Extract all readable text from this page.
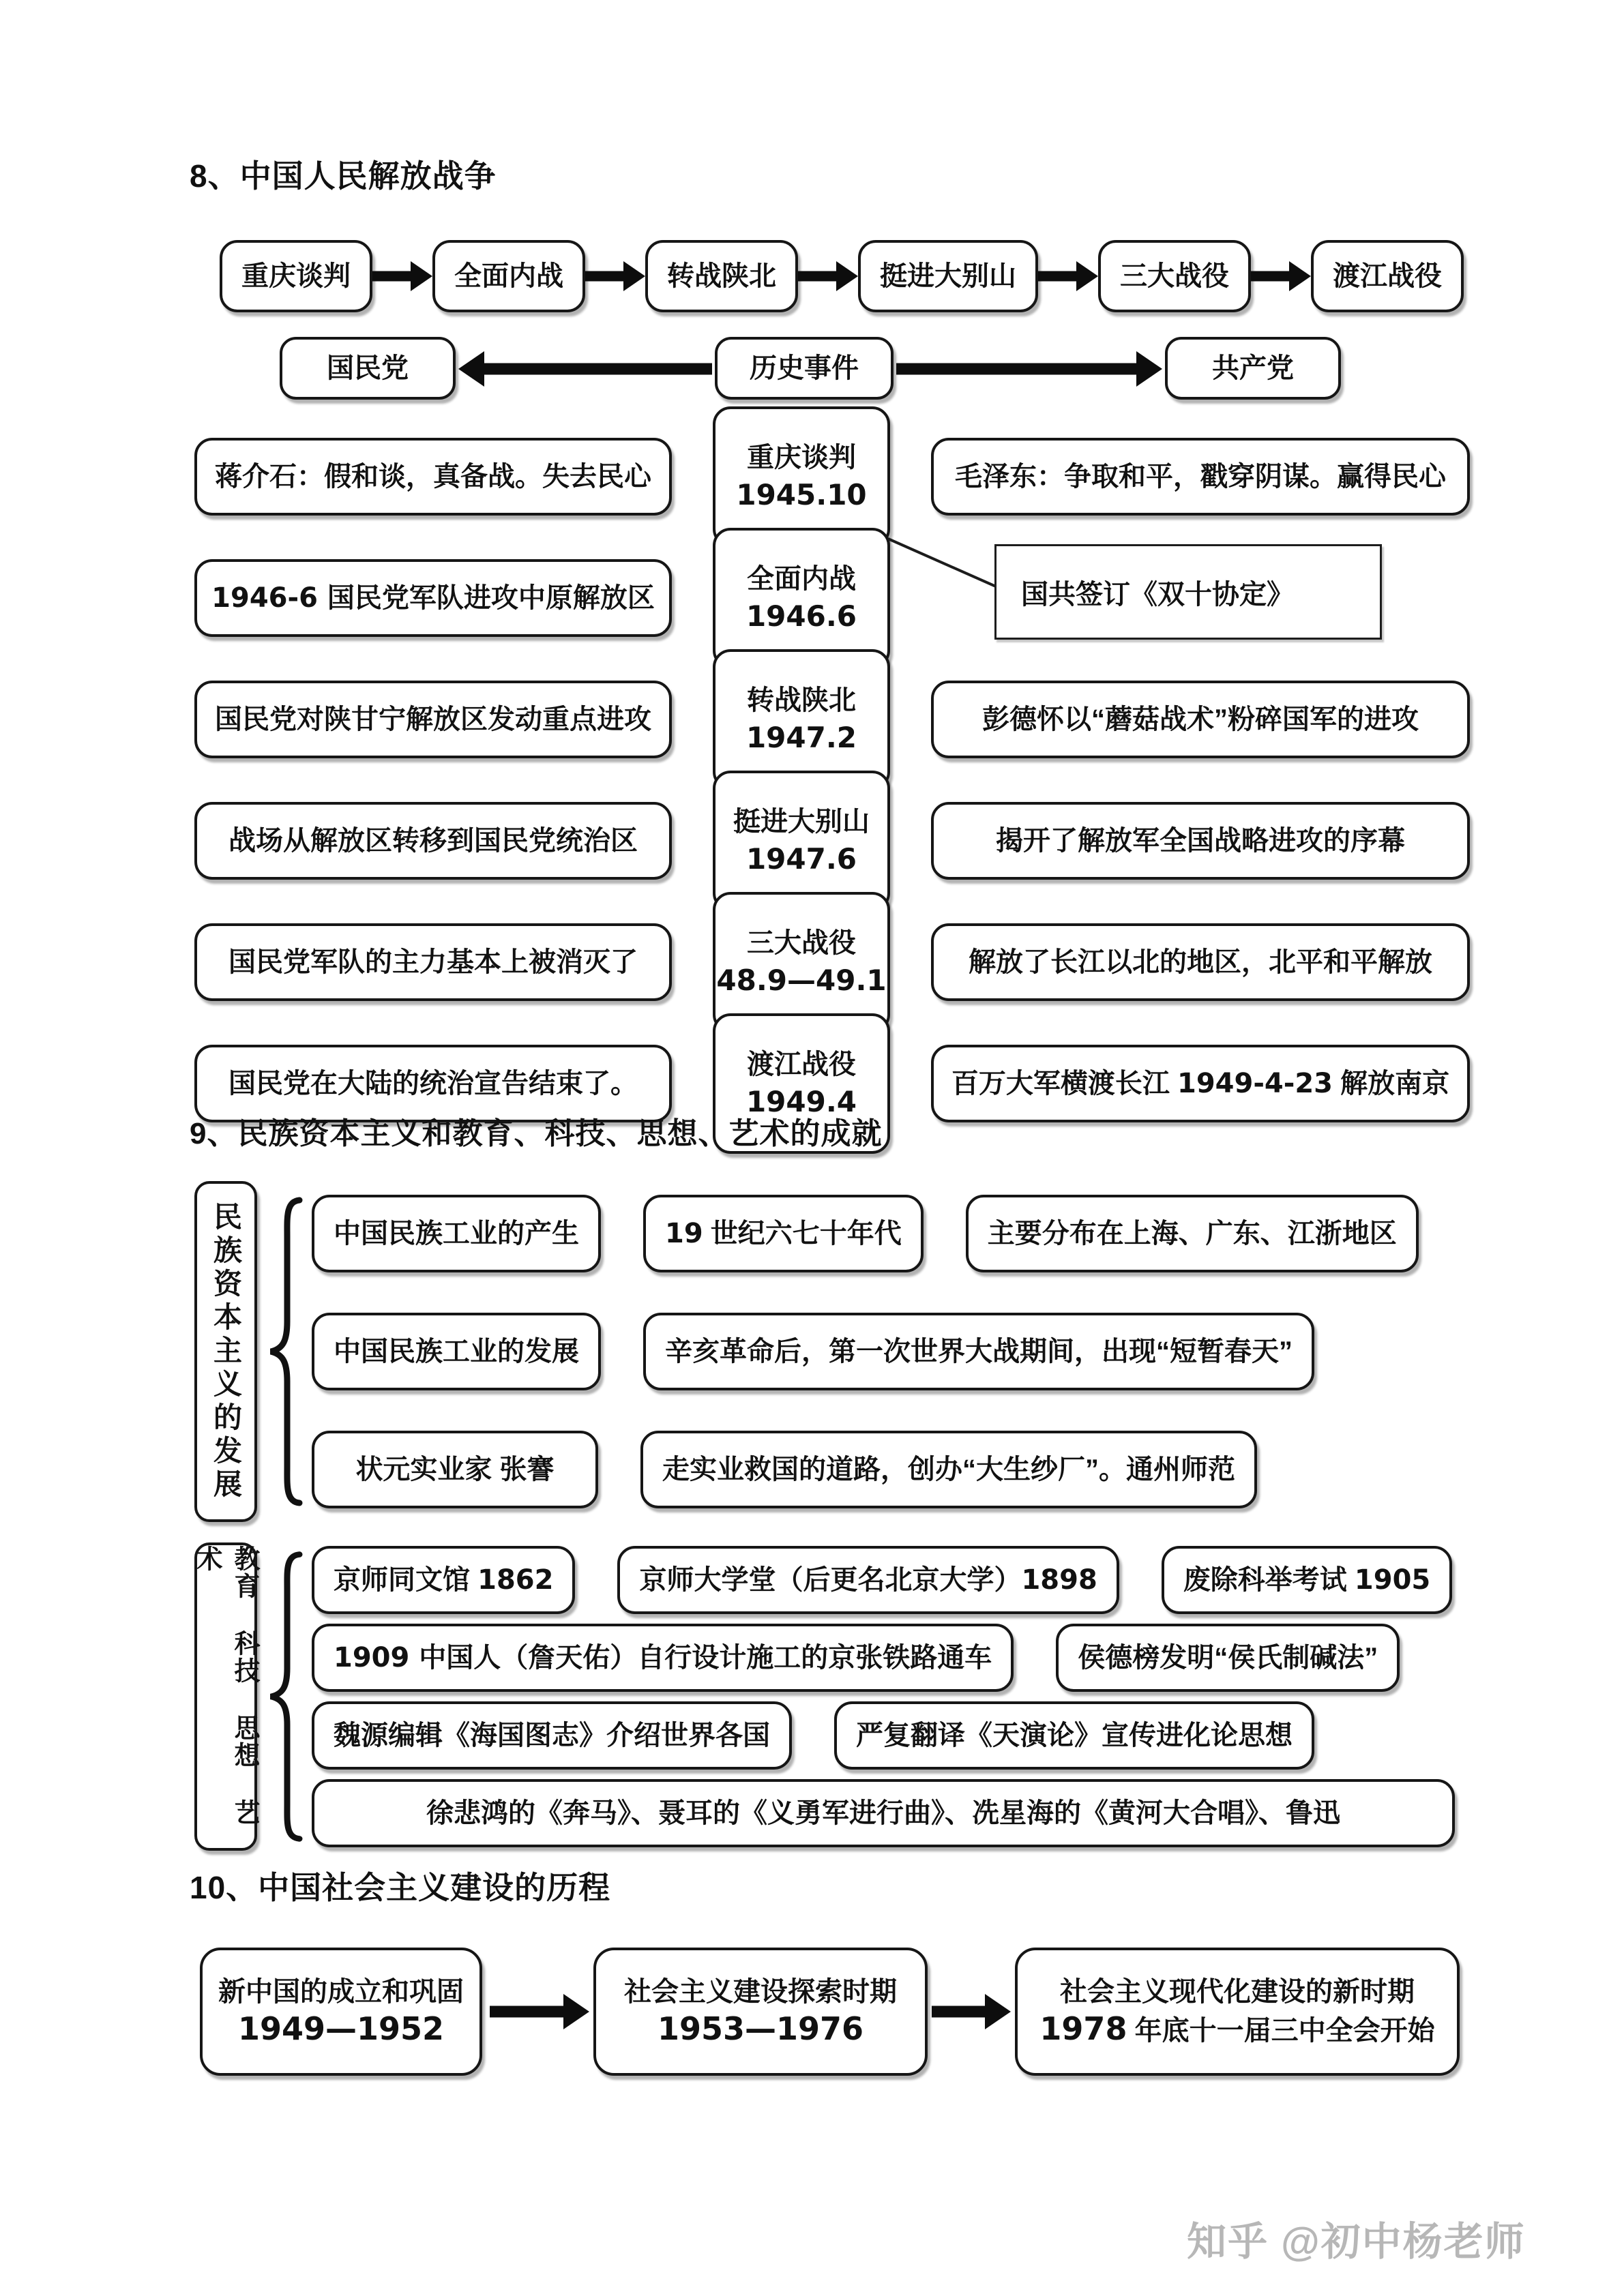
8、中国人民解放战争
重庆谈判	全面内战	转战陕北	挺进大别山	三大战役	渡江战役
国民党	历史事件	共产党
蒋介石：假和谈，真备战。失去民心
重庆谈判
1945.10
毛泽东：争取和平，戳穿阴谋。赢得民心
1946-6 国民党军队进攻中原解放区
全面内战
1946.6
国民党对陕甘宁解放区发动重点进攻
转战陕北
1947.2
彭德怀以“蘑菇战术”粉碎国军的进攻
战场从解放区转移到国民党统治区
挺进大别山
1947.6
揭开了解放军全国战略进攻的序幕
国民党军队的主力基本上被消灭了
三大战役
48.9—49.1
解放了长江以北的地区，北平和平解放
国民党在大陆的统治宣告结束了。
渡江战役
1949.4
百万大军横渡长江 1949-4-23 解放南京
国共签订《双十协定》
9、民族资本主义和教育、科技、思想、艺术的成就
民族资本主义的发展	中国民族工业的产生	19 世纪六七十年代	主要分布在上海、广东、江浙地区
中国民族工业的发展	辛亥革命后，第一次世界大战期间，出现“短暂春天”
状元实业家 张謇	走实业救国的道路，创办“大生纱厂”。通州师范
教育 科技 思想 艺术
京师同文馆 1862	京师大学堂（后更名北京大学）1898	废除科举考试 1905
1909 中国人（詹天佑）自行设计施工的京张铁路通车	侯德榜发明“侯氏制碱法”
魏源编辑《海国图志》介绍世界各国	严复翻译《天演论》宣传进化论思想
徐悲鸿的《奔马》、聂耳的《义勇军进行曲》、冼星海的《黄河大合唱》、鲁迅
10、中国社会主义建设的历程
新中国的成立和巩固
1949—1952
社会主义建设探索时期
1953—1976
社会主义现代化建设的新时期
1978 年底十一届三中全会开始
知乎 @初中杨老师
